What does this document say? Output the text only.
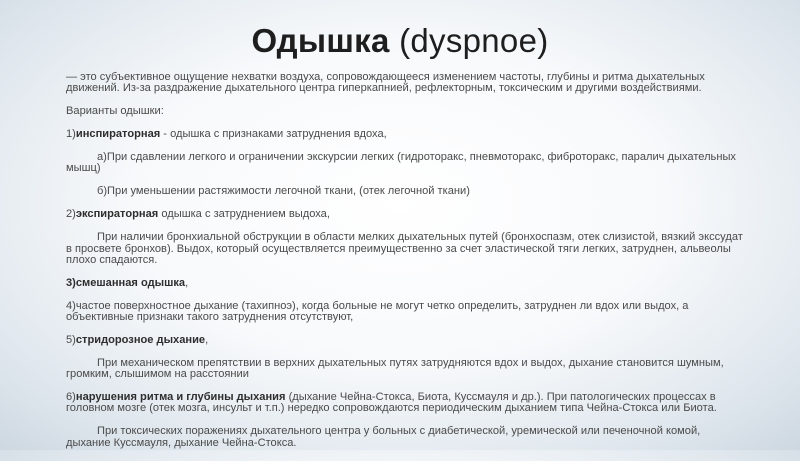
Одышка (dyspnoe)
— это субъективное ощущение нехватки воздуха, сопровождающееся изменением частоты, глубины и ритма дыхательных движений. Из-за раздражение дыхательного центра гиперкапнией, рефлекторным, токсическим и другими воздействиями.
Варианты одышки:
1)инспираторная - одышка с признаками затруднения вдоха,
а)При сдавлении легкого и ограничении экскурсии легких (гидроторакс, пневмоторакс, фиброторакс, паралич дыхательных мышц)
б)При уменьшении растяжимости легочной ткани, (отек легочной ткани)
2)экспираторная одышка с затруднением выдоха,
При наличии бронхиальной обструкции в области мелких дыхательных путей (бронхоспазм, отек слизистой, вязкий экссудат в просвете бронхов). Выдох, который осуществляется преимущественно за счет эластической тяги легких, затруднен, альвеолы плохо спадаются.
3)смешанная одышка,
4)частое поверхностное дыхание (тахипноэ), когда больные не могут четко определить, затруднен ли вдох или выдох, а объективные признаки такого затруднения отсутствуют,
5)стридорозное дыхание,
При механическом препятствии в верхних дыхательных путях затрудняются вдох и выдох, дыхание становится шумным, громким, слышимом на расстоянии
6)нарушения ритма и глубины дыхания (дыхание Чейна-Стокса, Биота, Куссмауля и др.). При патологических процессах в головном мозге (отек мозга, инсульт и т.п.) нередко сопровождаются периодическим дыханием типа Чейна-Стокса или Биота.
При токсических поражениях дыхательного центра у больных с диабетической, уремической или печеночной комой, дыхание Куссмауля, дыхание Чейна-Стокса.
